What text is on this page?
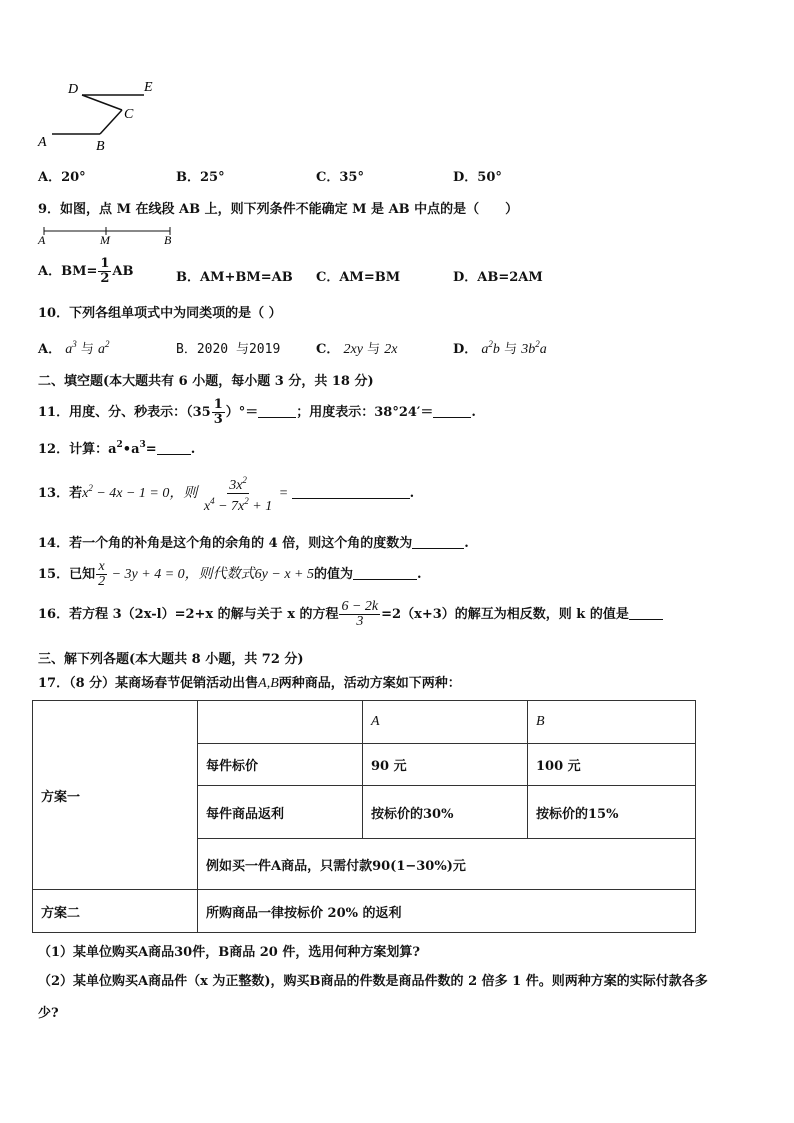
D	E
C
A	B
A．20°	B．25°	C．35°	D．50°
9．如图，点 M 在线段 AB 上，则下列条件不能确定 M 是 AB 中点的是（　　）
A	M	B
A．$BM= \frac{1}{2}$ AB	B．AM+BM=AB C．AM=BM	D．AB=2AM
10．下列各组单项式中为同类项的是（ ）
A． $a^3$ 与 $a^2$	B．2020 与2019	C． 2xy 与 2x	D． $a^2b$ 与 $3b^2a$
二、填空题(本大题共有 6 小题，每小题 3 分，共 18 分)
11．用度、分、秒表示：（$35 \frac{1}{3}$ ）°＝	；用度表示：38°24′＝	.
12．计算：$a^2•a^3=$	.
13．若$x^2 - 4x - 1 = 0$，则 $\frac{3x^2}{x^4 - 7x^2 + 1}$ =	.
14．若一个角的补角是这个角的余角的 4 倍，则这个角的度数为	.
15．已知 $\frac{x}{2} - 3y + 4 = 0$，则代数式6y − x + 5的值为	.
16．若方程 3（2x-l）=2+x 的解与关于 x 的方程 $\frac{6 - 2k}{3} =2(x+3)$的解互为相反数，则 k 的值是
三、解下列各题(本大题共 8 小题，共 72 分)
17．（8 分）某商场春节促销活动出售A,B两种商品，活动方案如下两种：
方案一		A	B
	每件标价	90 元	100 元
	每件商品返利	按标价的30%	按标价的15%
	例如买一件A商品，只需付款90(1−30%)元		
方案二	所购商品一律按标价 20% 的返利		
（1）某单位购买A商品30件，B商品 20 件，选用何种方案划算?
（2）某单位购买A商品件（x 为正整数)，购买B商品的件数是商品件数的 2 倍多 1 件。则两种方案的实际付款各多
少?
